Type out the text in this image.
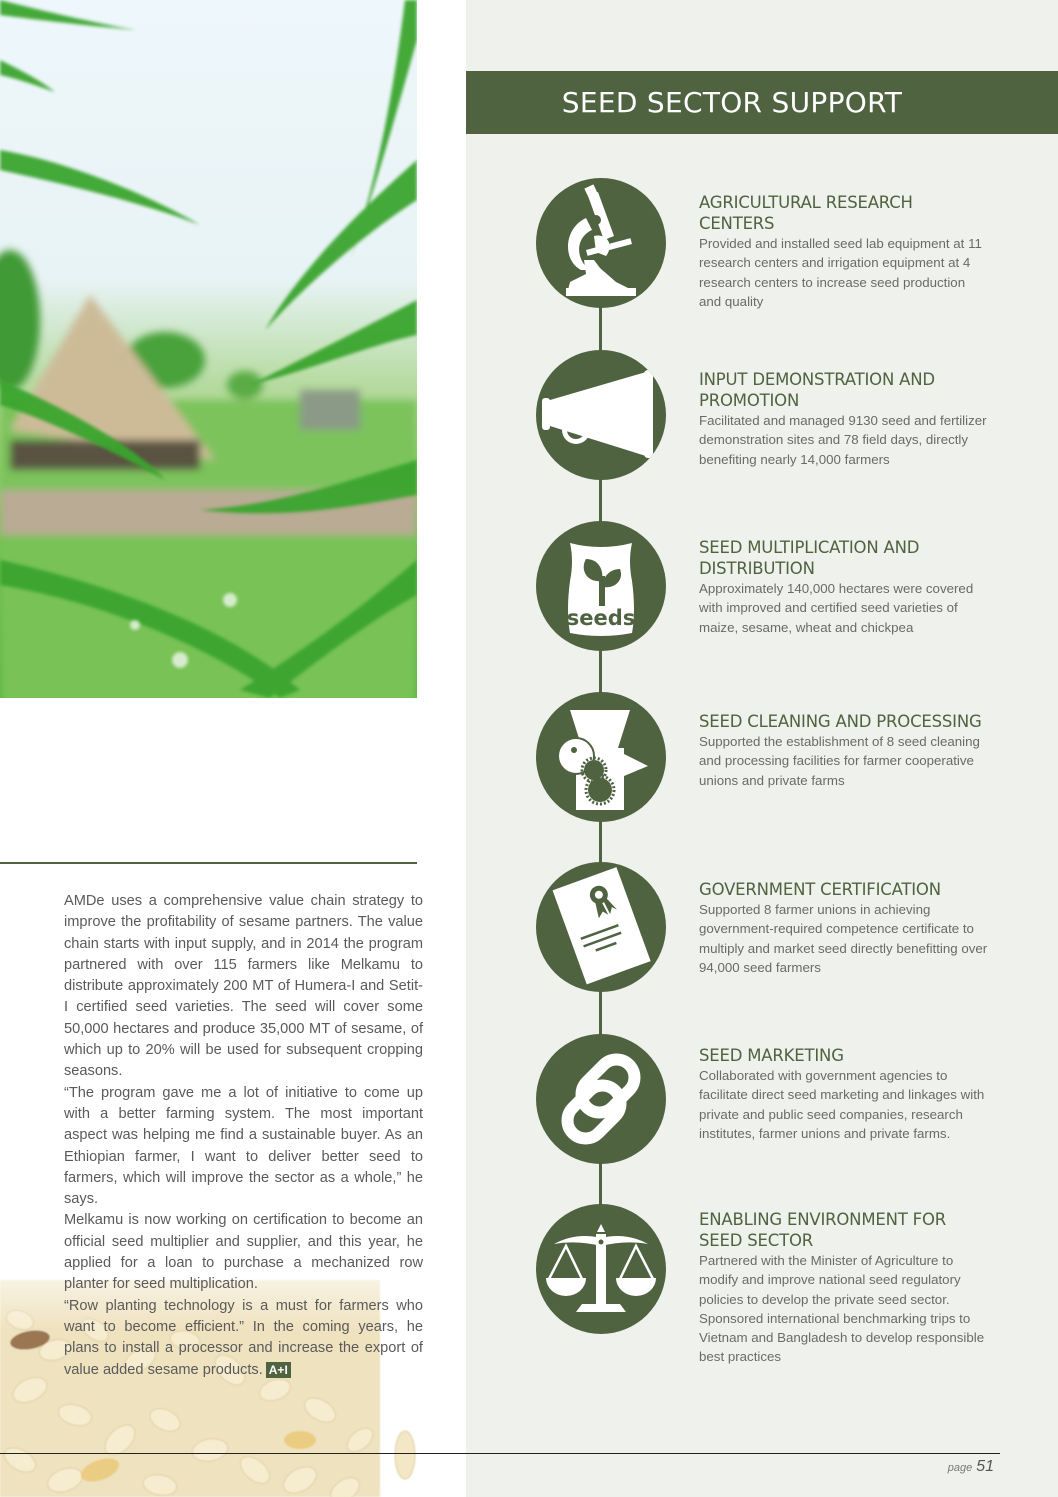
AMDe uses a comprehensive value chain strategy to improve the profitability of sesame partners. The value chain starts with input supply, and in 2014 the program partnered with over 115 farmers like Melkamu to distribute approximately 200 MT of Humera-I and Setit-I certified seed varieties. The seed will cover some 50,000 hectares and produce 35,000 MT of sesame, of which up to 20% will be used for subsequent cropping seasons.

“The program gave me a lot of initiative to come up with a better farming system. The most important aspect was helping me find a sustainable buyer. As an Ethiopian farmer, I want to deliver better seed to farmers, which will improve the sector as a whole,” he says.

Melkamu is now working on certification to become an official seed multiplier and supplier, and this year, he applied for a loan to purchase a mechanized row planter for seed multiplication.

“Row planting technology is a must for farmers who want to become efficient.” In the coming years, he plans to install a processor and increase the export of value added sesame products. A+I

SEED SECTOR SUPPORT
AGRICULTURAL RESEARCH CENTERS
Provided and installed seed lab equipment at 11 research centers and irrigation equipment at 4 research centers to increase seed production and quality
INPUT DEMONSTRATION AND PROMOTION
Facilitated and managed 9130 seed and fertilizer demonstration sites and 78 field days, directly benefiting nearly 14,000 farmers
seeds
SEED MULTIPLICATION AND DISTRIBUTION
Approximately 140,000 hectares were covered with improved and certified seed varieties of maize, sesame, wheat and chickpea
SEED CLEANING AND PROCESSING
Supported the establishment of 8 seed cleaning and processing facilities for farmer cooperative unions and private farms
GOVERNMENT CERTIFICATION
Supported 8 farmer unions in achieving government-required competence certificate to multiply and market seed directly benefitting over 94,000 seed farmers
SEED MARKETING
Collaborated with government agencies to facilitate direct seed marketing and linkages with private and public seed companies, research institutes, farmer unions and private farms.
ENABLING ENVIRONMENT FOR SEED SECTOR
Partnered with the Minister of Agriculture to modify and improve national seed regulatory policies to develop the private seed sector. Sponsored international benchmarking trips to Vietnam and Bangladesh to develop responsible best practices
page 51
